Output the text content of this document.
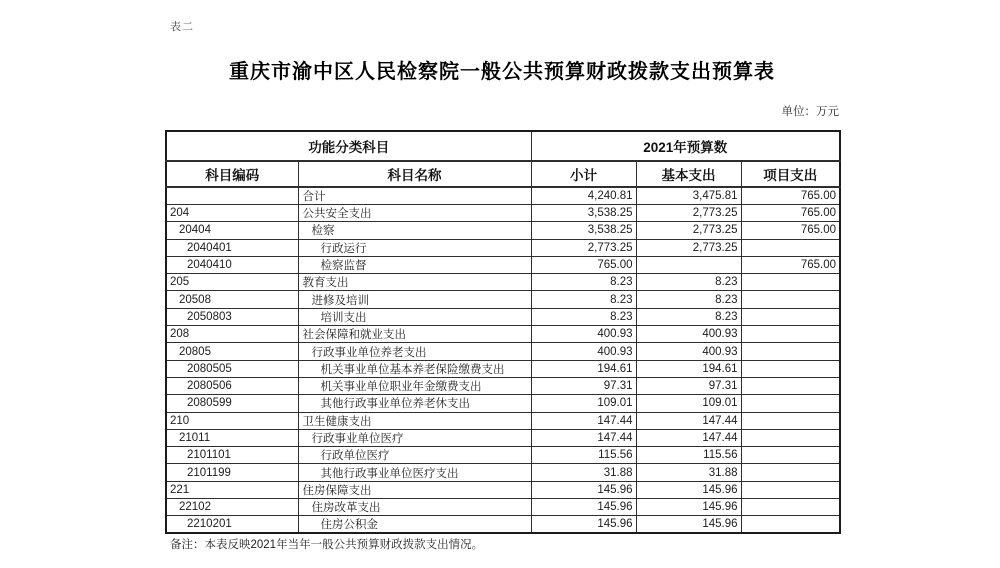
表二
重庆市渝中区人民检察院一般公共预算财政拨款支出预算表
单位：万元
功能分类科目		2021年预算数		
科目编码	科目名称	小计	基本支出	项目支出
	合计	4,240.81	3,475.81	765.00
204	公共安全支出	3,538.25	2,773.25	765.00
20404	检察	3,538.25	2,773.25	765.00
2040401	行政运行	2,773.25	2,773.25	
2040410	检察监督	765.00		765.00
205	教育支出	8.23	8.23	
20508	进修及培训	8.23	8.23	
2050803	培训支出	8.23	8.23	
208	社会保障和就业支出	400.93	400.93	
20805	行政事业单位养老支出	400.93	400.93	
2080505	机关事业单位基本养老保险缴费支出	194.61	194.61	
2080506	机关事业单位职业年金缴费支出	97.31	97.31	
2080599	其他行政事业单位养老休支出	109.01	109.01	
210	卫生健康支出	147.44	147.44	
21011	行政事业单位医疗	147.44	147.44	
2101101	行政单位医疗	115.56	115.56	
2101199	其他行政事业单位医疗支出	31.88	31.88	
221	住房保障支出	145.96	145.96	
22102	住房改革支出	145.96	145.96	
2210201	住房公积金	145.96	145.96	
备注：本表反映2021年当年一般公共预算财政拨款支出情况。
